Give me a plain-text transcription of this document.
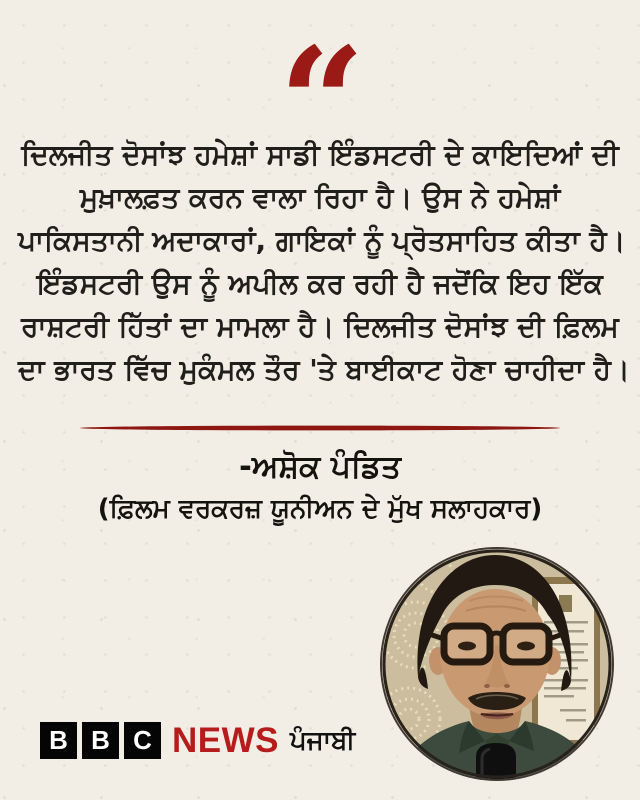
“
ਦਿਲਜੀਤ ਦੋਸਾਂਝ ਹਮੇਸ਼ਾਂ ਸਾਡੀ ਇੰਡਸਟਰੀ ਦੇ ਕਾਇਦਿਆਂ ਦੀ
ਮੁਖ਼ਾਲਫ਼ਤ ਕਰਨ ਵਾਲਾ ਰਿਹਾ ਹੈ। ਉਸ ਨੇ ਹਮੇਸ਼ਾਂ
ਪਾਕਿਸਤਾਨੀ ਅਦਾਕਾਰਾਂ, ਗਾਇਕਾਂ ਨੂੰ ਪ੍ਰੋਤਸਾਹਿਤ ਕੀਤਾ ਹੈ।
ਇੰਡਸਟਰੀ ਉਸ ਨੂੰ ਅਪੀਲ ਕਰ ਰਹੀ ਹੈ ਜਦੋਂਕਿ ਇਹ ਇੱਕ
ਰਾਸ਼ਟਰੀ ਹਿੱਤਾਂ ਦਾ ਮਾਮਲਾ ਹੈ। ਦਿਲਜੀਤ ਦੋਸਾਂਝ ਦੀ ਫ਼ਿਲਮ
ਦਾ ਭਾਰਤ ਵਿੱਚ ਮੁਕੰਮਲ ਤੌਰ 'ਤੇ ਬਾਈਕਾਟ ਹੋਣਾ ਚਾਹੀਦਾ ਹੈ।
-ਅਸ਼ੋਕ ਪੰਡਿਤ
(ਫ਼ਿਲਮ ਵਰਕਰਜ਼ ਯੂਨੀਅਨ ਦੇ ਮੁੱਖ ਸਲਾਹਕਾਰ)
B B C NEWS ਪੰਜਾਬੀ
